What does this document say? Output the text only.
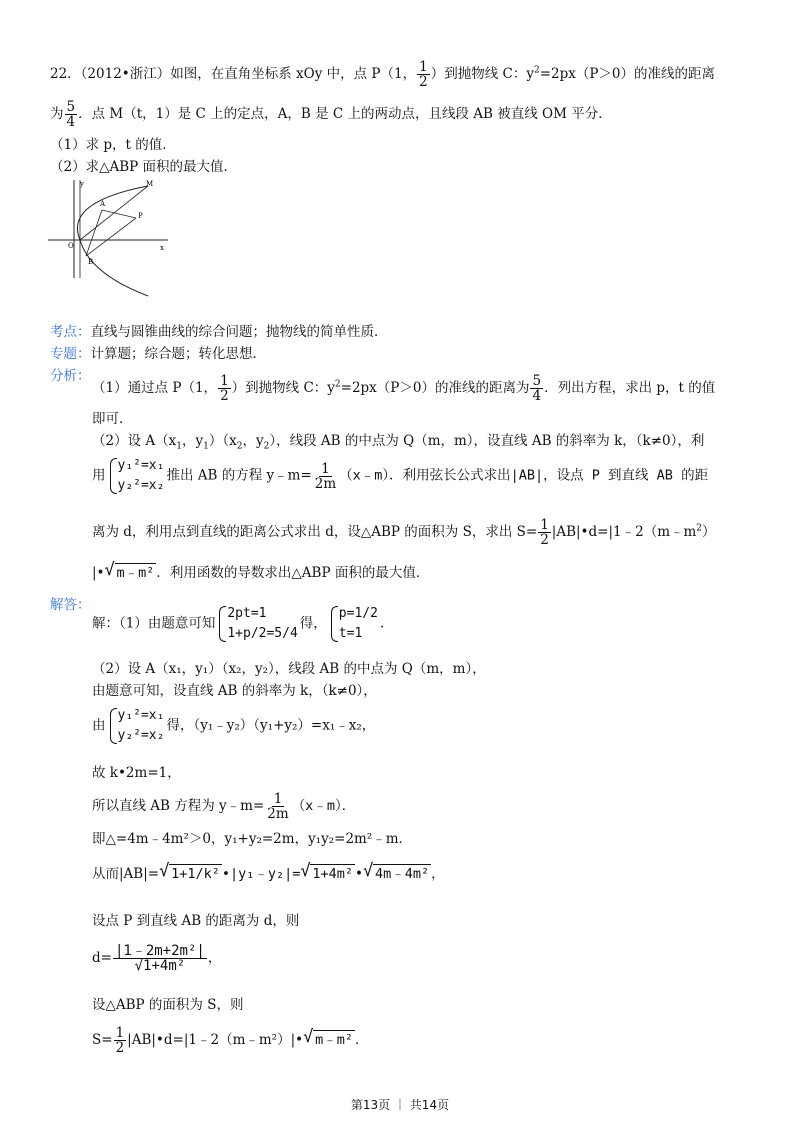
22．（2012•浙江）如图，在直角坐标系 xOy 中，点 P（1， $\frac{1}{2}$ ）到抛物线 C：$y^2=2px(P>0)$的准线的距离
为 $\frac{5}{4}$ ．点 M（t，1）是 C 上的定点，A，B 是 C 上的两动点，且线段 AB 被直线 OM 平分．
（1）求 p，t 的值．
（2）求△ABP 面积的最大值．
y
x
O
A
B
M
P
考点：直线与圆锥曲线的综合问题；抛物线的简单性质．
专题：计算题；综合题；转化思想．
分析：
（1）通过点 P（1， $\frac{1}{2}$ ）到抛物线 C：$y^2=2px(P>0)$的准线的距离为 $\frac{5}{4}$ ．列出方程，求出 p，t 的值
即可．
（2）设 $A(x_1$，$y_1)(x_2$，$y_2$），线段 AB 的中点为 Q（m，m），设直线 AB 的斜率为 k，（k≠0），利
用
y₁²=x₁
y₂²=x₂
推出 AB 的方程 y﹣m= $\frac{1}{2m}$ （x﹣m）．利用弦长公式求出|AB|，设点 P 到直线 AB 的距
离为 d，利用点到直线的距离公式求出 d，设△ABP 的面积为 S，求出 $S= \frac{1}{2}$ $|AB|•d=|1﹣2(m﹣m^2)$
|• √ m﹣m² ．利用函数的导数求出△ABP 面积的最大值．
解答：
解：（1）由题意可知
2pt=1
1+p/2=5/4
得，
p=1/2
t=1
．
（2）设 A（x₁，y₁）（x₂，y₂），线段 AB 的中点为 Q（m，m），
由题意可知，设直线 AB 的斜率为 k，（k≠0），
由
y₁²=x₁
y₂²=x₂
得，（y₁﹣y₂）（y₁+y₂）=x₁﹣x₂，
故 k•2m=1，
所以直线 AB 方程为 y﹣m= $\frac{1}{2m}$ （x﹣m）．
即△=4m﹣4m²＞0，y₁+y₂=2m，y₁y₂=2m²﹣m．
从而|AB|= √ 1+1/k² •|y₁﹣y₂|= √ 1+4m² • √ 4m﹣4m² ，
设点 P 到直线 AB 的距离为 d，则
$d= \frac{\text{|1﹣2m+2m²|}}{\text{√1+4m²}}$ ，
设△ABP 的面积为 S，则
$S= \frac{1}{2}$ |AB|•d=|1﹣2（m﹣m²）|• √ m﹣m² ．
第13页 ｜ 共14页
